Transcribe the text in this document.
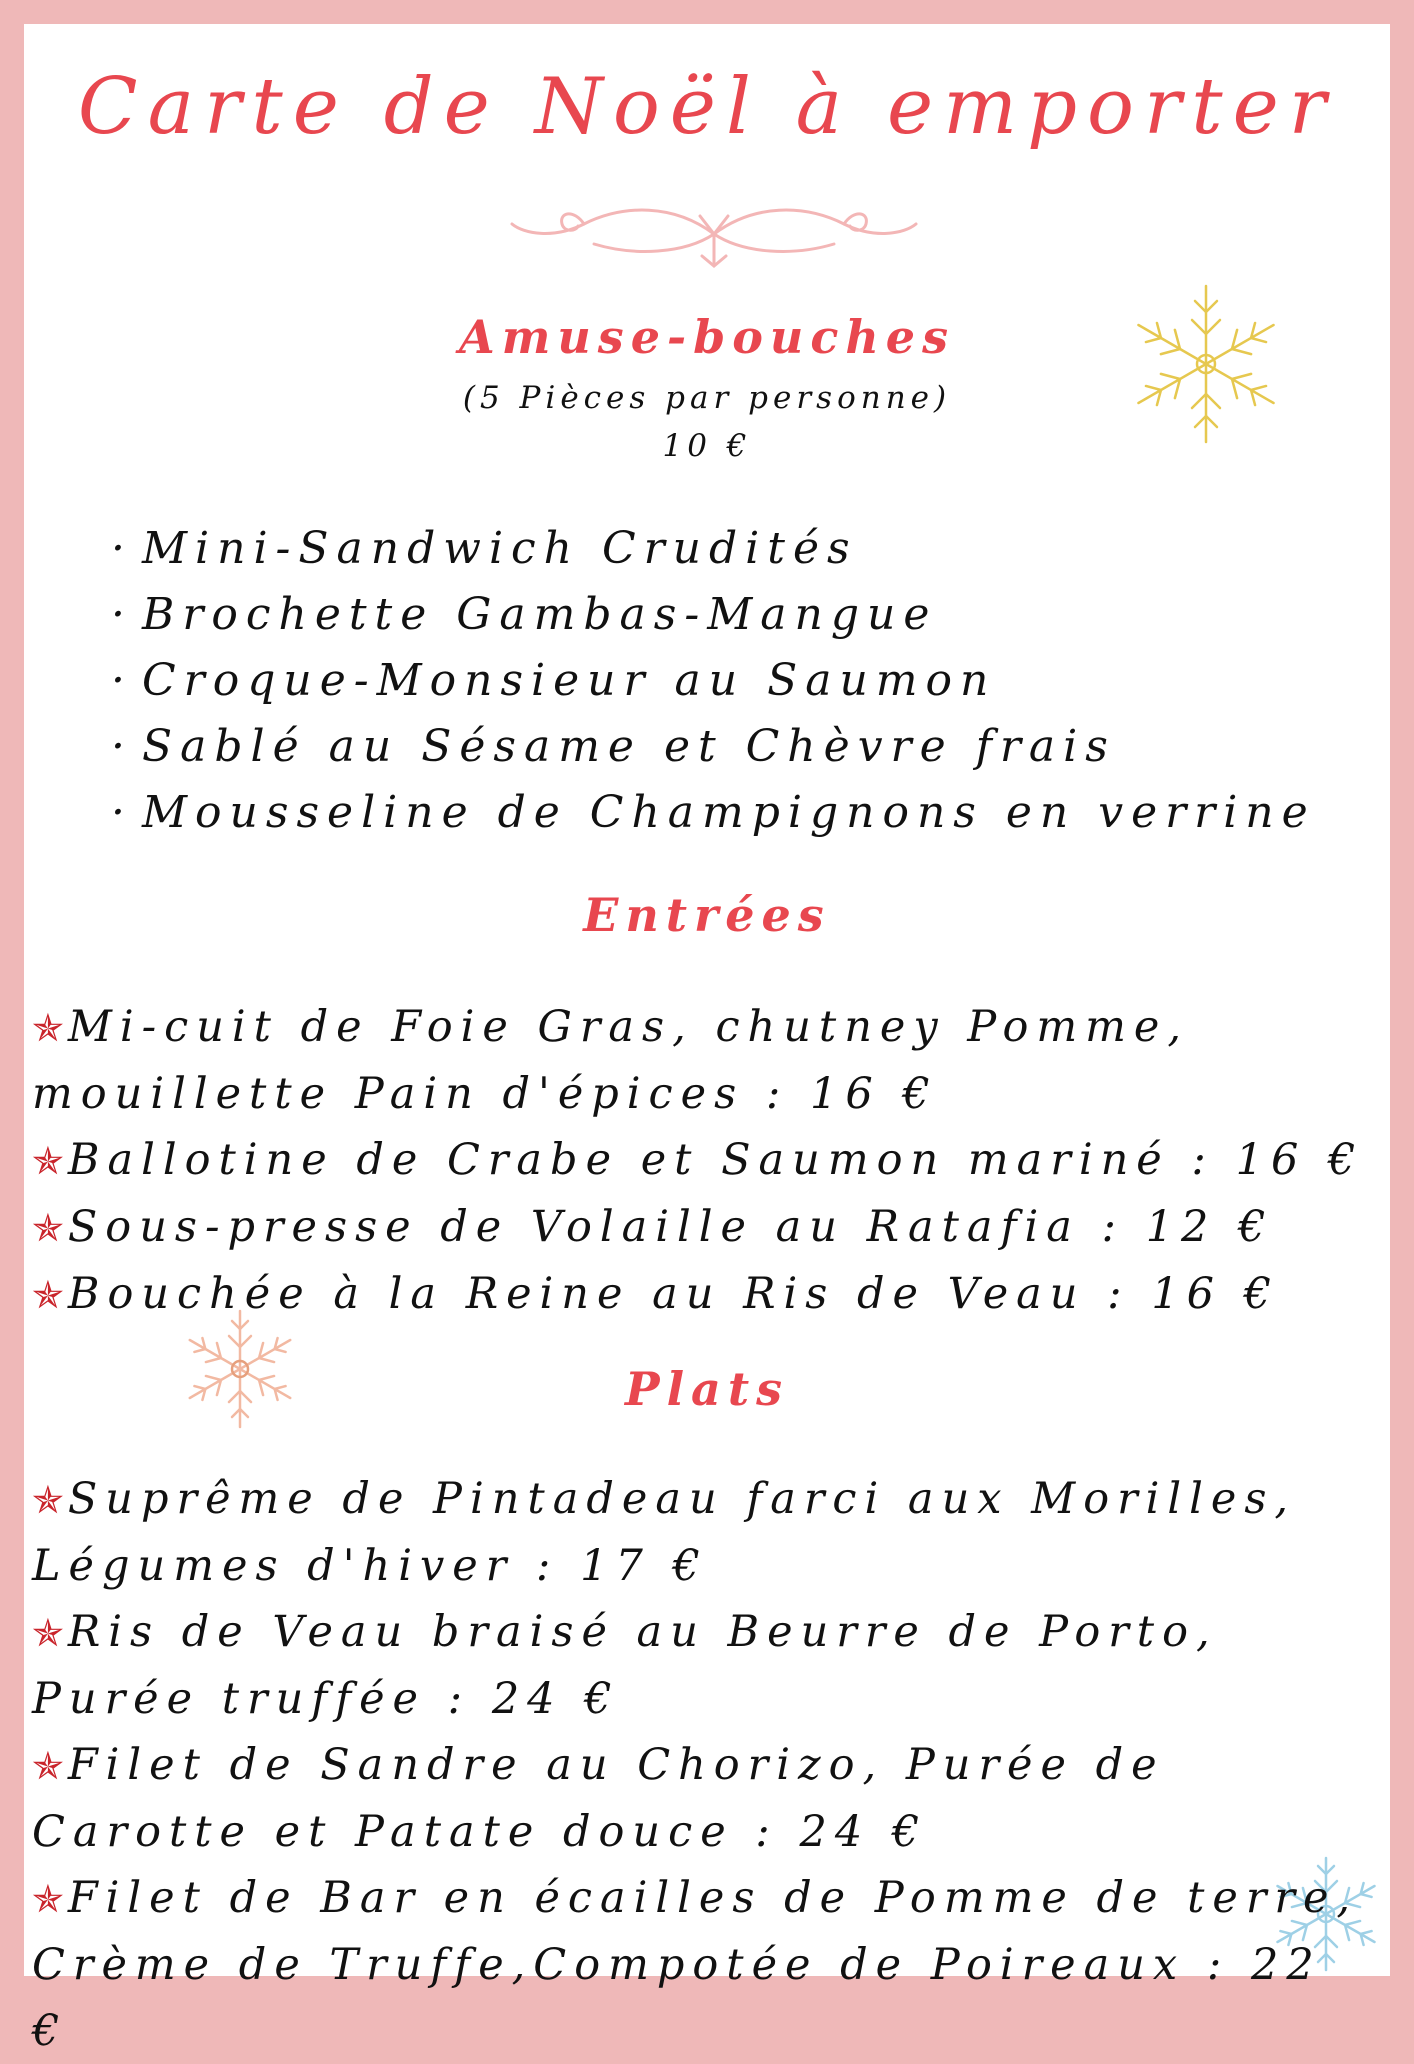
Carte de Noël à emporter
Amuse-bouches
(5 Pièces par personne)
10 €
· Mini-Sandwich Crudités
· Brochette Gambas-Mangue
· Croque-Monsieur au Saumon
· Sablé au Sésame et Chèvre frais
· Mousseline de Champignons en verrine
Entrées
✯Mi-cuit de Foie Gras, chutney Pomme, mouillette Pain d'épices : 16 €
✯Ballotine de Crabe et Saumon mariné : 16 €
✯Sous-presse de Volaille au Ratafia : 12 €
✯Bouchée à la Reine au Ris de Veau : 16 €
Plats
✯Suprême de Pintadeau farci aux Morilles, Légumes d'hiver : 17 €
✯Ris de Veau braisé au Beurre de Porto, Purée truffée : 24 €
✯Filet de Sandre au Chorizo, Purée de Carotte et Patate douce : 24 €
✯Filet de Bar en écailles de Pomme de terre, Crème de Truffe,Compotée de Poireaux : 22 €
